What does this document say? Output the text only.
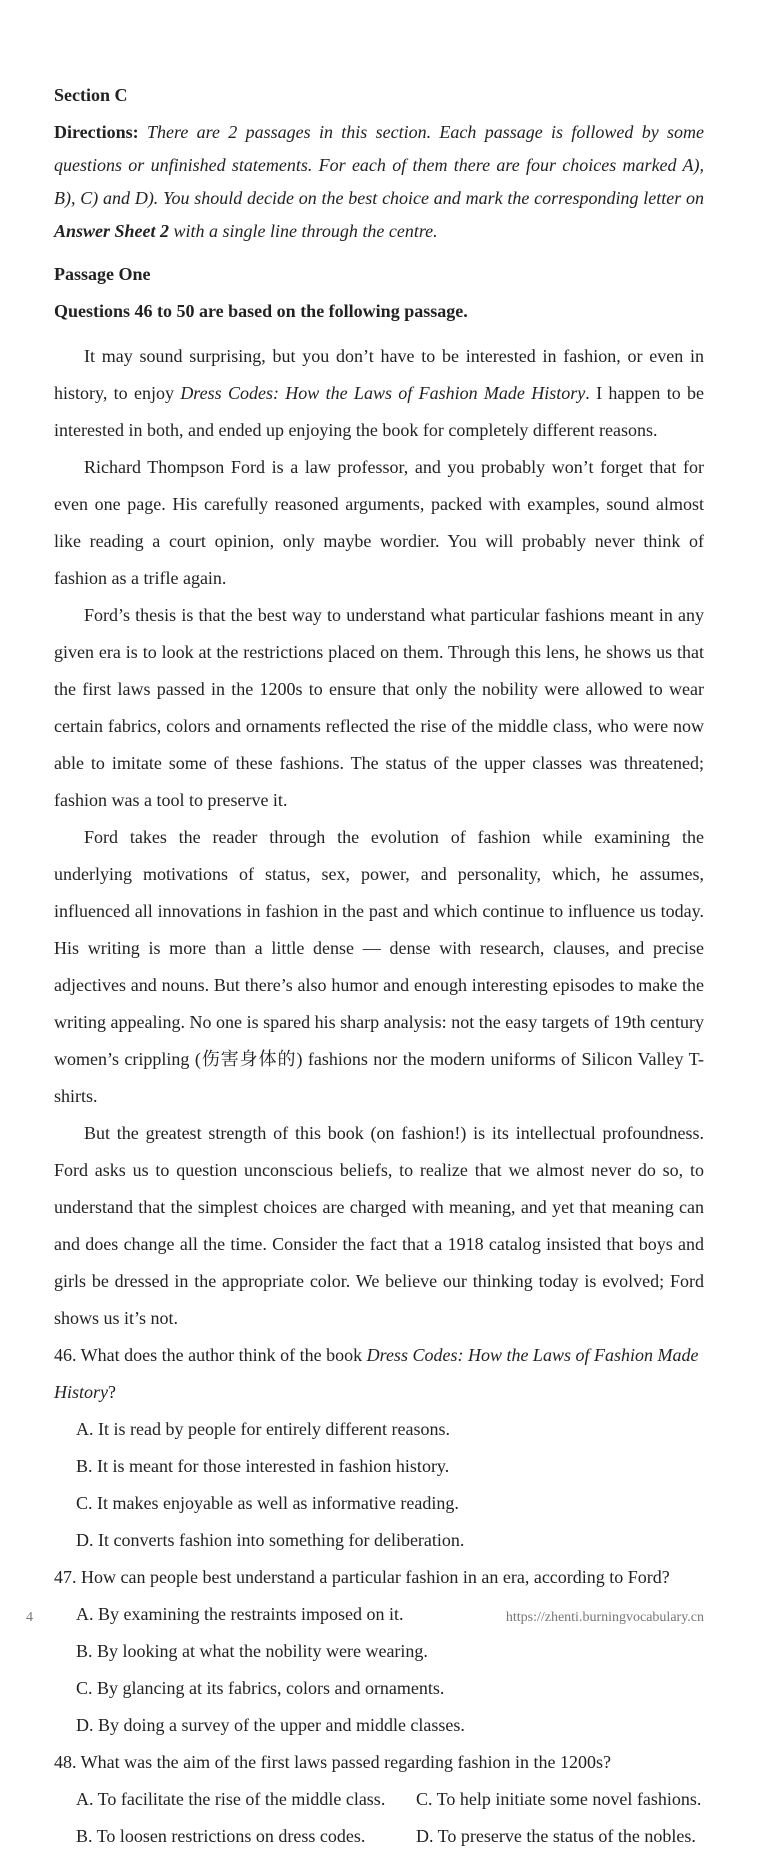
Section C
Directions: There are 2 passages in this section. Each passage is followed by some questions or unfinished statements. For each of them there are four choices marked A), B), C) and D). You should decide on the best choice and mark the corresponding letter on Answer Sheet 2 with a single line through the centre.
Passage One
Questions 46 to 50 are based on the following passage.

It may sound surprising, but you don’t have to be interested in fashion, or even in history, to enjoy Dress Codes: How the Laws of Fashion Made History. I happen to be interested in both, and ended up enjoying the book for completely different reasons.

Richard Thompson Ford is a law professor, and you probably won’t forget that for even one page. His carefully reasoned arguments, packed with examples, sound almost like reading a court opinion, only maybe wordier. You will probably never think of fashion as a trifle again.

Ford’s thesis is that the best way to understand what particular fashions meant in any given era is to look at the restrictions placed on them. Through this lens, he shows us that the first laws passed in the 1200s to ensure that only the nobility were allowed to wear certain fabrics, colors and ornaments reflected the rise of the middle class, who were now able to imitate some of these fashions. The status of the upper classes was threatened; fashion was a tool to preserve it.

Ford takes the reader through the evolution of fashion while examining the underlying motivations of status, sex, power, and personality, which, he assumes, influenced all innovations in fashion in the past and which continue to influence us today. His writing is more than a little dense — dense with research, clauses, and precise adjectives and nouns. But there’s also humor and enough interesting episodes to make the writing appealing. No one is spared his sharp analysis: not the easy targets of 19th century women’s crippling (伤害身体的) fashions nor the modern uniforms of Silicon Valley T-shirts.

But the greatest strength of this book (on fashion!) is its intellectual profoundness. Ford asks us to question unconscious beliefs, to realize that we almost never do so, to understand that the simplest choices are charged with meaning, and yet that meaning can and does change all the time. Consider the fact that a 1918 catalog insisted that boys and girls be dressed in the appropriate color. We believe our thinking today is evolved; Ford shows us it’s not.

46. What does the author think of the book Dress Codes: How the Laws of Fashion Made History?
A. It is read by people for entirely different reasons.
B. It is meant for those interested in fashion history.
C. It makes enjoyable as well as informative reading.
D. It converts fashion into something for deliberation.
47. How can people best understand a particular fashion in an era, according to Ford?
A. By examining the restraints imposed on it.
B. By looking at what the nobility were wearing.
C. By glancing at its fabrics, colors and ornaments.
D. By doing a survey of the upper and middle classes.
48. What was the aim of the first laws passed regarding fashion in the 1200s?
A. To facilitate the rise of the middle class.	C. To help initiate some novel fashions.
B. To loosen restrictions on dress codes.	D. To preserve the status of the nobles.
4	https://zhenti.burningvocabulary.cn
